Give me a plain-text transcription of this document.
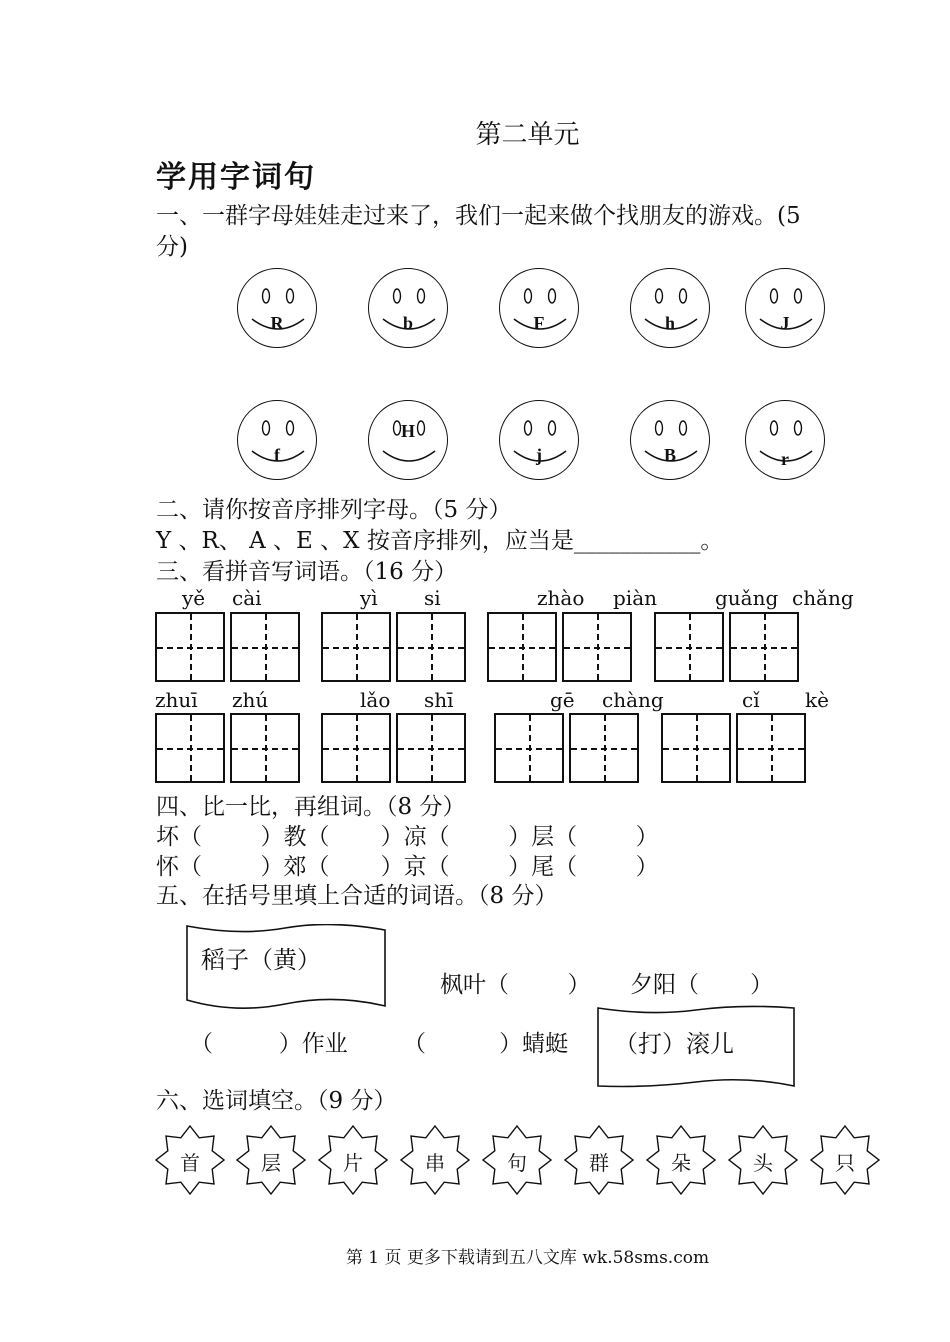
第二单元
学用字词句
一、一群字母娃娃走过来了，我们一起来做个找朋友的游戏。(5
分)
R	b	F	h	J
f
H
j	B	r
二、请你按音序排列字母。（5 分）
Y 、R、 A 、E 、X 按音序排列，应当是___________。
三、看拼音写词语。（16 分）
yě cài	yì si	zhào piàn	guǎng chǎng
zhuī zhú	lǎo shī	gē chàng	cǐ kè
四、比一比，再组词。（8 分）
坏（        ）教（       ）凉（        ）层（        ）
怀（        ）郊（       ）京（        ）尾（        ）
五、在括号里填上合适的词语。（8 分）
稻子（黄）
枫叶（        ） 夕阳（       ）
（         ）作业 （          ）蜻蜓 （打）滚儿
六、选词填空。（9 分）
首	层	片	串	句	群	朵	头	只
第 1 页 更多下载请到五八文库 wk.58sms.com
